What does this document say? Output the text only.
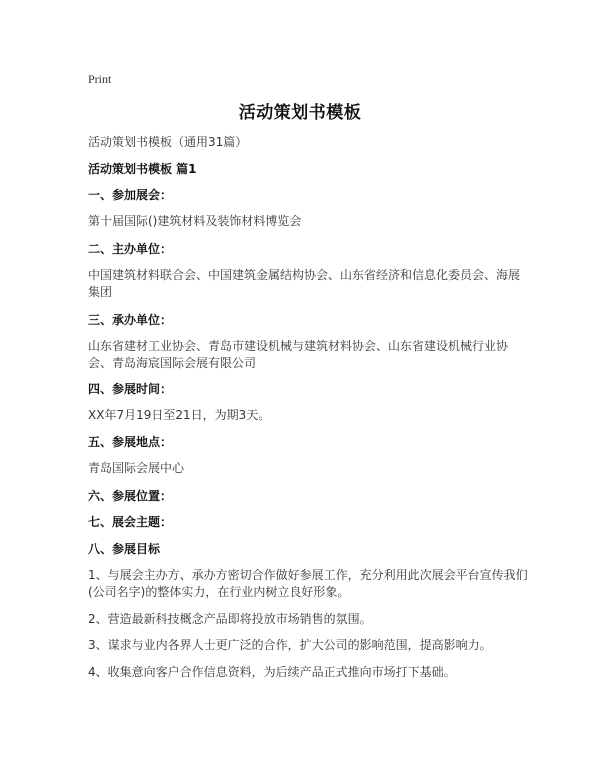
Print
活动策划书模板
活动策划书模板（通用31篇）
活动策划书模板 篇1
一、参加展会：
第十届国际()建筑材料及装饰材料博览会
二、主办单位：
中国建筑材料联合会、中国建筑金属结构协会、山东省经济和信息化委员会、海展集团
三、承办单位：
山东省建材工业协会、青岛市建设机械与建筑材料协会、山东省建设机械行业协会、青岛海宸国际会展有限公司
四、参展时间：
XX年7月19日至21日，为期3天。
五、参展地点：
青岛国际会展中心
六、参展位置：
七、展会主题：
八、参展目标
1、与展会主办方、承办方密切合作做好参展工作，充分利用此次展会平台宣传我们(公司名字)的整体实力，在行业内树立良好形象。
2、营造最新科技概念产品即将投放市场销售的氛围。
3、谋求与业内各界人士更广泛的合作，扩大公司的影响范围，提高影响力。
4、收集意向客户合作信息资料，为后续产品正式推向市场打下基础。
